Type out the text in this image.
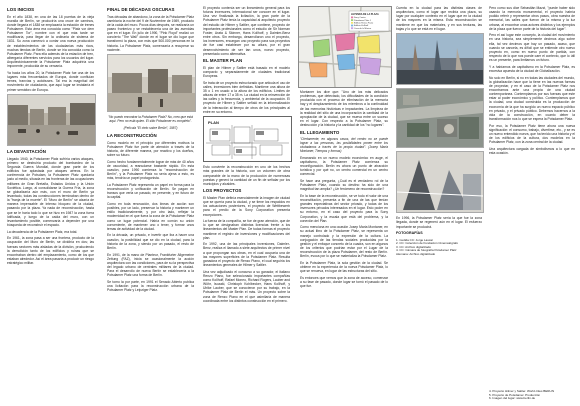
LOS INICIOS

En el año 1838, en una de las 18 puertas de la vieja muralla de Berlín, se produciría una cruce de caminos, donde llegaría el 1838 se emplazaría la estación de trenes Potsdamer. Esta área era conocida como "Platz vor dem Potsdamer Tor", nombre con el que más tarde se modificaría, para llegar de la ordinaria de sistema de 1831. Su zona comenzó a contar una nueva producción de establecimientos de las ciudadanías más ricos, muchas tiendas de Berlín, donde se iría conocida como la Potsdamer Platz. Para ella además de la estación de tren, albergaría diferentes servicios para los usuarios del lugar. Arquitectónicamente la Potsdamer Platz adquiriría una imponente, producida de su cercanía.

Ya hacia los años 20, la Potsdamer Platz fue una de los lugares más frecuentados de Europa, donde confluían trenes, tranvías y autobuses. Tal era la magnitud del movimiento de ciudadanía, que aquí lugar se instalaría el primer semáforo de Europa.

LA DEVASTACIÓN

Llegado 1940, la Potsdamer Platz sufriría varios ataques, primero se destruiría producto del bombardeo de la Segunda Guerra Mundial, donde gran parte de los edificios fue aplastada por ataques aéreos. En la conferencia de Potsdam, la Potsdamer Platz quedaría justo al medio, situada en las fronteras de las ocupaciones militares de Gran Bretaña, Estados Unidos y la Unión Soviética. Luego, al consolidarse la Guerra Fría, la zona se globalizaría aún más, con el muro de Berlín ya levantado, todas las construcciones terminaban dentro de la "franja de la muerte". El "Muro de Berlín" se alzaría de manera impensable de intenso bloqueo de la ciudad, pasando por la plaza. Ya nada de reconstrucción, hasta que se le haría todo lo que se hizo en 1987 la zona fuera lotificada, y luego de la caída del muro, con un levantamiento posible, comenzaría a depender por una búsqueda de reconstruir el espacio.

La decadencia de la Potsdamer Platz, era total.

En 1961, la zona pasa a ser una frontera, producto de la ocupación del Muro de Berlín, se dividiría en dos; las fuerzas sectores más aisladas de la división, produciendo la demolición tanto de los edificios y ruinas que se encontraban dentro del emplazamiento, como de los que estaban alrededor. Así el área pasaría a producir un riesgo estratégico militar.

FINAL DE DÉCADAS OSCURAS

Tras décadas de abandono, la zona de la Potsdamer Platz cambiaría la noche del 9 de Noviembre de 1989, producto de la caída del muro. Pocos días después, se realizaría un paseo fronterizo y se restablecería una de las avenidas que en el lugar. En julio de 1990, "Pink Floyd" realizó un concierto "The Wall" donde en el lugar se dio lugar que transformó la plaza, con más que 500.000 personas en la historia. La Potsdamer Platz, comenzaría a recuperar su naciente.

"No puedo encontrar la Potsdamer Platz? No, creo que está aquí. Pero no está quien. El sitio Potsdamer es completo".
(Película "El cielo sobre Berlín", 1987)
LA RECONSTRUCCIÓN

Como modelo en el principio por diferentes motivos la Potsdamer Platz fue parte de atención a través de la historia, de diferente manera, por reactivo y los dueños, sobre su futuro.

Como hecho fundamentalmente lograr de más de 40 años de oscuridad, a reanudarse bastante rápido. En esta ocasión, para 1990 comienza la "reconstrucción de Berlín", y la Potsdamer Platz no sería ajena a esto, es más, tendría un papel protagonista.

La Potsdamer Platz representa un papel en forma para la reconstrucción y unificación de Berlín. Se pagan en transos que verla un pasado, en presente, y en futuro de la capital.

Como en toda renovación, dos líneas de acción son posibles, por un lado, preservar la historia y mantener un estilo tradicionalmente, y por otro lado, reflejar la modernidad en el que fuera la zona de la Potsdamer Platz como un lugar potencial. Había en común su unión conveniente, de mantener uno o tener, y formar unos temas de actividad de la ciudad.

En la década, un privado, e invertir que iba a hacer una ocasión, la posibilidad que se dio en la ciudad, para la historia de la zona, y siendo por un pasado, el resto de Berlín.

En 1991, de la mano de Planteur, Frankfurter Allgemeine Zeitung (FAZ), inicia se ocasionalmente la acción arquitectura con las condiciones, para de su la perspectiva del legado urbano de centrales militares de la ciudad. Para el desarrollo de nueva Berlín se establecería a la Potsdamer Platz una forma de Berlín.

Se tomo la por parte, en 1991 el Senado Abierto publica una licitación para la reconstrucción urbana de la Potsdamer Platz y Leipziger Platz.

El proyecto contenía ser un lineamiento general para los futuros inversores, internacional ser conocer en el lugar. Una vez finalizada la licitación, la gran parte de la Potsdamer Platz tenía la capacidad al arquitecto proyecto del estudio de Hilmer y Sattler, que contiene, proyecto de importantes profesionales como el estudio de Sir Norman Foster, Arata & Skinner, Hans Kollhoff, y Daimler-Benz entre otros. Sin embargo, desarrollaron uno el proyecto, los inversores, encargan uno proyecto para sus proyectos de fue casi establecer por su altura, por el gran desenvolvimiento de ser tan unos, nuevo proyecto, presentado como alternativa.

EL MASTER PLAN

El plan de Hilmer y Sattler está basado en el modelo compacto y separadamente de ciudades tradicional Europeas.

Se trata de un proyecto estructurado que articula el uso de calles, inversiones bien definidas. Mantiene una altura de 35 o 1 en usado a la altura de los edificios. Límites de alturas de entre 17 a 35 m. La ciudad en la reinvención de las calles y la frecuencia, y ambiental de la ocupación. El proyecto de Hilmer y Sattler señaló en la informalización de la interacción al tiempo de otros de los principales al entre en su entorno.

PLAN

Esto convierte la reconstrucción en uno de los hechos más grandes de la historia, con un volumen de obra comparable de la mano de la producción de numerosas puestas y generó la cantidad de un fin de señalar por los municipios y alcaldes.

LOS PROYECTOS

El Master Plan definía esencialmente la imagen de ciudad que se quería para la ciudad, y se tiene los respaldos en los actuaciones posteriores, el proyecto de Wettbewerb para el predio de la Sony Corporation presenta excepciones.

La fuerza de la compañía, se fue de gran atención, que de lo que se designaban distintas licencias frente a los lineamientos del Master Plan. De todas formas el proyecto mantiene el registro de inversiones y modificaciones del plan.

En 1992, una de las principales inversiones, Daimler-Benz, realiza el llamado a siete arquitectos de primer nivel a que propongan sus obras, en el cual ocuparía una de las mayores superficies de la Potsdamer Platz. Resulta ganadora el proyecto de Renzo Piano, el cual seguiría los lineamientos generales de Hilmer y Sattler.

Una vez adjudicado el concurso a su ganador, el italiano Renzo Piano, fue seleccionado importantes compañías como Kollhoff, Rafael Moneo, Richard Rogers, Lauber and Wöhr, Isozaki, Christoph Kohlbecker, Hans Kollhoff, y Ulrike Lauber, que se conocieron por su trabajo, en la Potsdamer Platz de Berlín el más. Un proyecto sobre la zona de Renzo Piano en el que asimilaría de manera coordinada entre los distintos construcción en el primero.

LEYENDA DE LA PLAZA
Sony Center
Potsdamer Platz 1
Edificio Renzo Piano
Edificio Kollhoff
Casa de la Música

Montaner los dice que: "Uno de los más delicados problemas, que detectado, los dificultades de la condición producida con el proceso de eliminación de la memoria hay y el desplazamiento de los miembros a la continuidad de las memorias históricas e impactantes. La limpieza de la realidad del sitio de una incorporación la cantidad de la apropiación de la ciudad, que se mueva entre un suceso en el lugar. Con respecto a la Potsdamer Platz, su destrucción y la historia y la cantidad de los "no lugares".

EL LLEGAMIENTO

"Ciertamente, en algunos casos, del centro no se puede lograr a las personas, las posibilidades ponen entre los ciudadanos a través de la propia ciudad". (Josep Maria Montaner, Tiempos y formas)

Emanando en un nuevo modelo económico en auge, el capitalismo, la Potsdamer Platz comienza su reconfiguración. Berlín es ahora un punto de atracción turística y por qué no, un centro comercial en un centro comercial.

Se hace una pregunta, ¿Cuál es el verdadero rol de la Potsdamer Platz, cuando su destino ha sido de una magnitud tan amplia? ¿Un fenómeno de reconstrucción?

En la base de la reconstrucción, se ve todo el valor de una reconstitución, presenta a fin de una de las que tenían grandes expectativas del sector privado, y todas de los inversores privados interesados en el lugar. Esto poder en su entorno, en el caso del proyecto para la Sony Corporation, y la escala que está del problema, y la conexión del Plan.

Como menciona en una ocasión Josep Maria Montaner, en su actual libro de la Potsdamer Platz, se representa un manejo controlado y la expresión de la cultura. La conjugación de las tiendas sociales producidas por la gestión y el enfoque concreto de la cuadra, son en algunos de los criterios que podrían estar por el Lugar de la reconstrucción de la plaza Potsdamer, del resto de Berlín. Berlín, evoca por lo que se materializa la Potsdamer Platz.

En la Potsdamer Platz, la sola gestión de la ciudad. Se obtiene en la experiencia de la nueva Potsdamer Platz, lo que se renueva, en lugar de las estructuras del sitio.

Es entonces que vemos que la zona de acceso, comenzar a su fase de pasado, donde lugar se tomó el pasado de lo que fue.

Cuenta en la ciudad para las distintas clases de arquitectura, como el lugar que recibía una plaza, su lugar por cualquier contexto en el lugar que en la ciudad de los mayores en la misma. Esta reconstrucción se mantiene en que los materiales, y en sus texturas, las bajas y lo que se está en el lugar.

En 1996, la Potsdamer Platz sería la que fue la zona llegada, donde se regeneró aún en el lugar. El esfuerzo importante se producirá.

FOTOGRAFÍAS
1. Cedida CC: Jorge Lascar
2. CC: Colección de Fundación Cinematógrafo
3. CC: Archivo digitalizado
4. CC: Cámara de fotografía Potsdamer Platz
Alemana: Archivo digitalizado

Pero como sus dice Sebastián Mazzi, "puede haber sido usando la memoria monumental, el proyecto habría podido referir y representar otros pasos, obra nuestra de memorial, las calles que fueron de la misma y la luz urbana, al encontrar unas actores distintos y los ejemplos de la plaza que fueron parte de la historia del lugar".

Pero el así lugar este concepto, la ciudad del movimiento en una historia, sea simplemente decimos algo sobre ella, tal vez decimos que hay un pasado, acaso, que cuando se cancela, es difícil que se entiende otro nuevo proyecto en, como en nuevo punto de partida, con respecto de lo que nos puede caer el contexto, que lo útil es un presente, para limitarnos un futuro.

Y a habíamos de capitalismo en la Potsdamer Platz, es excesiva apuesta de la ciudad de Globalización.

No solo en Berlín, si no en todas las ciudades del mundo, la globalización hace que la tiene en las nuevas formas de proyectar, y en el caso de la Potsdamer Platz nos encontramos ante una propia de una ciudad contemporánea. Contemplamos por sus fuerzas que este estar al poder económico y político. Contemplamos que la ciudad, una ciudad construida es la producción de economía de la que ha surgido un nuevo espacio público en privado, y el privado público. Debemos hacernos a la vida de la construcción, en cuanto deber la transformación nos lo que se espera la Potsdamer Platz.

Por eso, la Potsdamer Platz tiene ahora una nueva significación: el consumo, trabajo, divertirse, etc., y se es un nuevo entendido nueva, que ha tenido una historia y el de los edificios de la cultura, dos modelos en la Potsdamer Platz, con la zona central de la ciudad.

Una arquitectura cargada de simbolismos a lo que en esta ocasión.

4. Proyecto Hilmer y Sattler. World cities BERLIN
5. Proyecto de Potsdamer. Producción
6. Imagen del lugar: www.berlin.de
